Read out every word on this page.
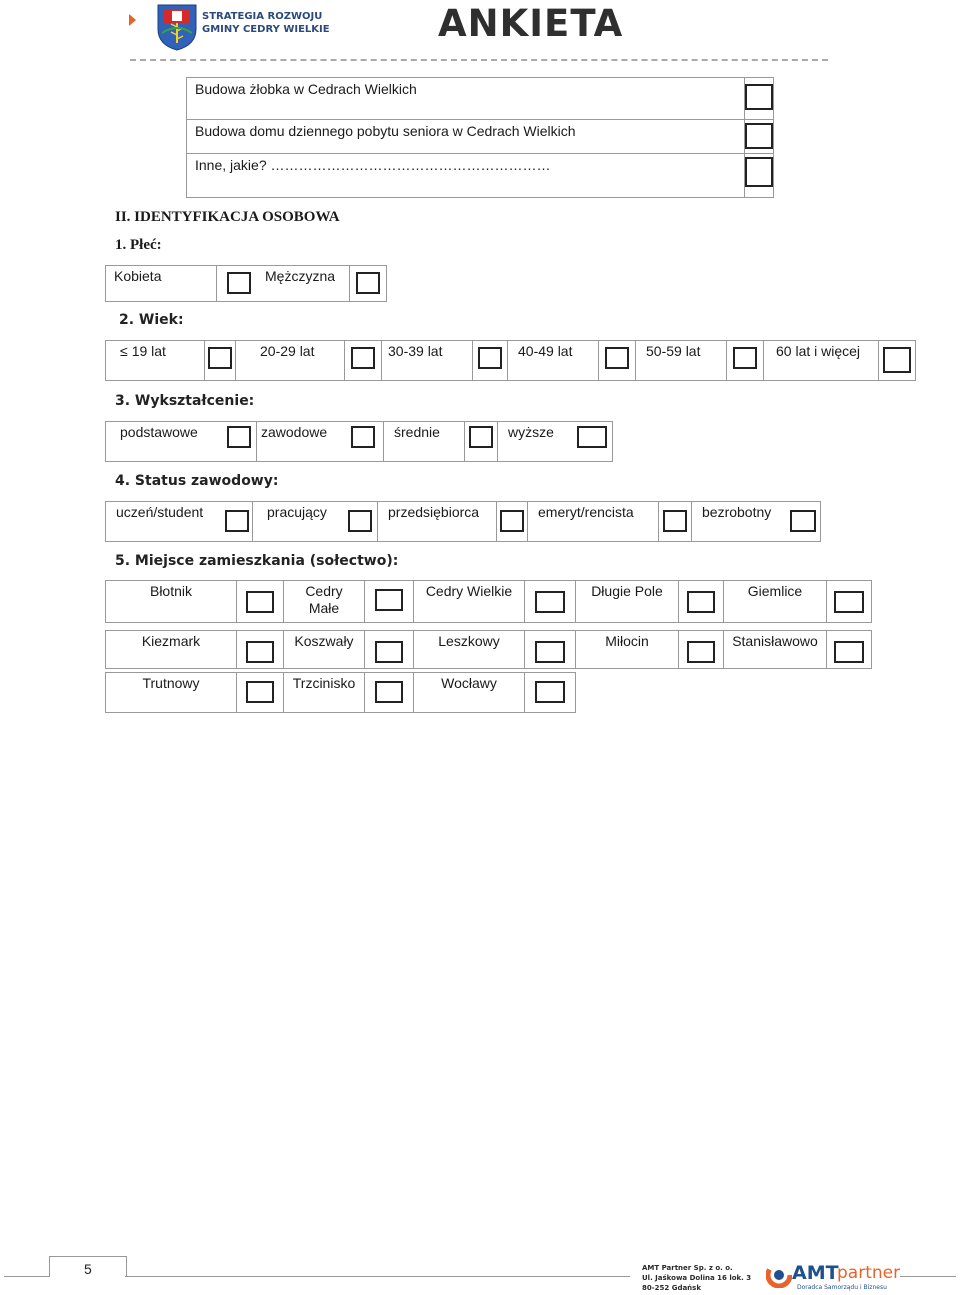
STRATEGIA ROZWOJU
GMINY CEDRY WIELKIE	ANKIETA
Budowa żłobka w Cedrach Wielkich	
Budowa domu dziennego pobytu seniora w Cedrach Wielkich	
Inne, jakie? ……………………………………………………	
II. IDENTYFIKACJA OSOBOWA
1. Płeć:
Kobieta		Mężczyzna	
2. Wiek:
≤ 19 lat		20-29 lat		30-39 lat		40-49 lat		50-59 lat		60 lat i więcej	
3. Wykształcenie:
podstawowe		zawodowe		średnie		wyższe	
4. Status zawodowy:
uczeń/student		pracujący		przedsiębiorca		emeryt/rencista		bezrobotny	
5. Miejsce zamieszkania (sołectwo):
Błotnik		Cedry Małe		Cedry Wielkie		Długie Pole		Giemlice	
Kiezmark		Koszwały		Leszkowy		Miłocin		Stanisławowo	
Trutnowy		Trzcinisko		Wocławy	
5	AMT Partner Sp. z o. o.
Ul. Jaśkowa Dolina 16 lok. 3
80-252 Gdańsk
AMT
partner
Doradca Samorządu i Biznesu
